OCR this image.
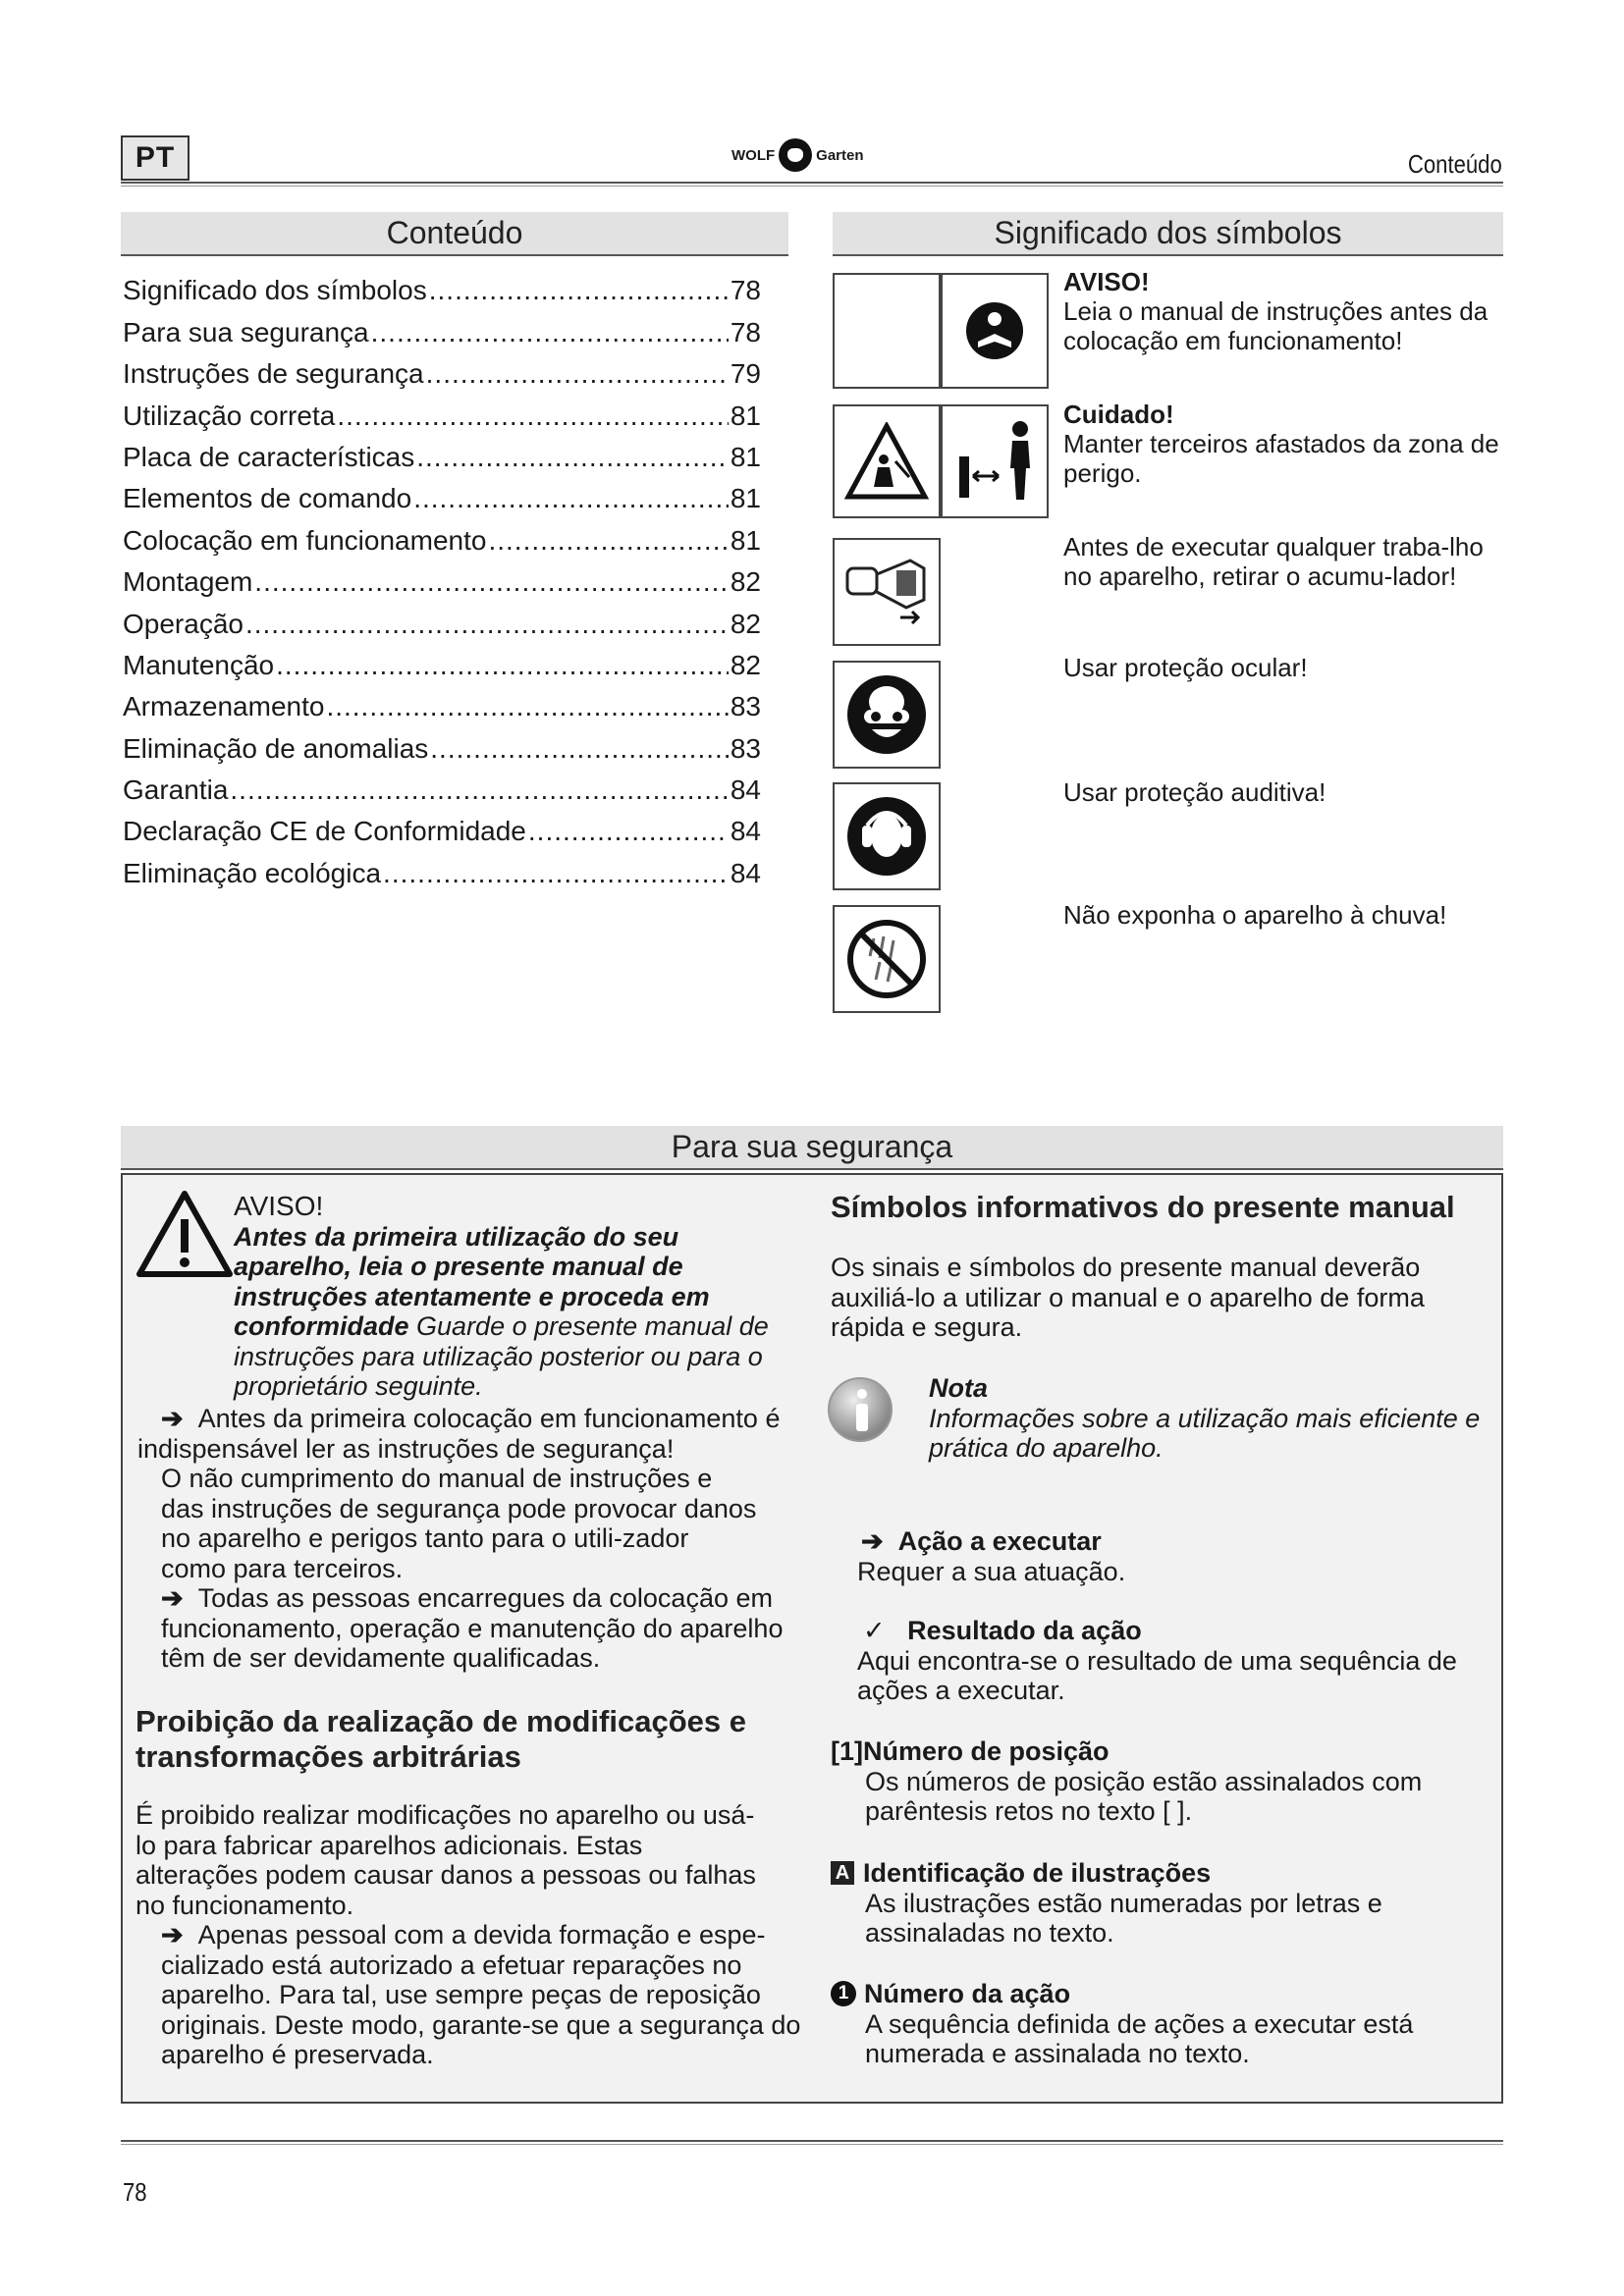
PT	WOLF	Garten	Conteúdo
Conteúdo
Significado dos símbolos .....	78
Para sua segurança .....	78
Instruções de segurança .....	79
Utilização correta .....	81
Placa de características .....	81
Elementos de comando .....	81
Colocação em funcionamento .....	81
Montagem .....	82
Operação .....	82
Manutenção .....	82
Armazenamento .....	83
Eliminação de anomalias .....	83
Garantia .....	84
Declaração CE de Conformidade .....	84
Eliminação ecológica .....	84
Significado dos símbolos
AVISO!
Leia o manual de instruções antes da colocação em funcionamento!
Cuidado!
Manter terceiros afastados da zona de perigo.
Antes de executar qualquer traba-lho no aparelho, retirar o acumu-lador!
Usar proteção ocular!
Usar proteção auditiva!
Não exponha o aparelho à chuva!
Para sua segurança
AVISO!
Antes da primeira utilização do seu aparelho, leia o presente manual de instruções atentamente e proceda em conformidade Guarde o presente manual de instruções para utilização posterior ou para o proprietário seguinte.
➔ Antes da primeira colocação em funcionamento é indispensável ler as instruções de segurança!
O não cumprimento do manual de instruções e das instruções de segurança pode provocar danos no aparelho e perigos tanto para o utili-zador como para terceiros.
➔ Todas as pessoas encarregues da colocação em funcionamento, operação e manutenção do aparelho têm de ser devidamente qualificadas.
Proibição da realização de modificações e transformações arbitrárias
É proibido realizar modificações no aparelho ou usá-lo para fabricar aparelhos adicionais. Estas alterações podem causar danos a pessoas ou falhas no funcionamento.
➔ Apenas pessoal com a devida formação e espe-cializado está autorizado a efetuar reparações no aparelho. Para tal, use sempre peças de reposição originais. Deste modo, garante-se que a segurança do aparelho é preservada.
Símbolos informativos do presente manual
Os sinais e símbolos do presente manual deverão auxiliá-lo a utilizar o manual e o aparelho de forma rápida e segura.
Nota
Informações sobre a utilização mais eficiente e prática do aparelho.
➔ Ação a executar
Requer a sua atuação.
✓ Resultado da ação
Aqui encontra-se o resultado de uma sequência de ações a executar.
[1]Número de posição
Os números de posição estão assinalados com parêntesis retos no texto [ ].
A Identificação de ilustrações
As ilustrações estão numeradas por letras e assinaladas no texto.
1 Número da ação
A sequência definida de ações a executar está numerada e assinalada no texto.
78
